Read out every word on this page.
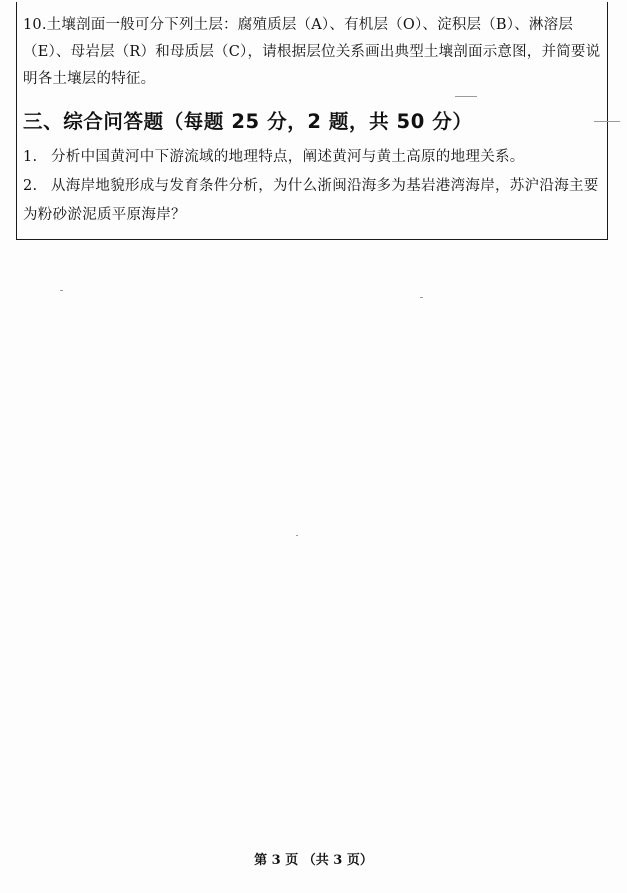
10.土壤剖面一般可分下列土层：腐殖质层（A）、有机层（O）、淀积层（B）、淋溶层（E）、母岩层（R）和母质层（C），请根据层位关系画出典型土壤剖面示意图，并简要说明各土壤层的特征。
三、综合问答题（每题 25 分，2 题，共 50 分）
1. 分析中国黄河中下游流域的地理特点，阐述黄河与黄土高原的地理关系。
2. 从海岸地貌形成与发育条件分析，为什么浙闽沿海多为基岩港湾海岸，苏沪沿海主要为粉砂淤泥质平原海岸？
第 3 页 （共 3 页）
